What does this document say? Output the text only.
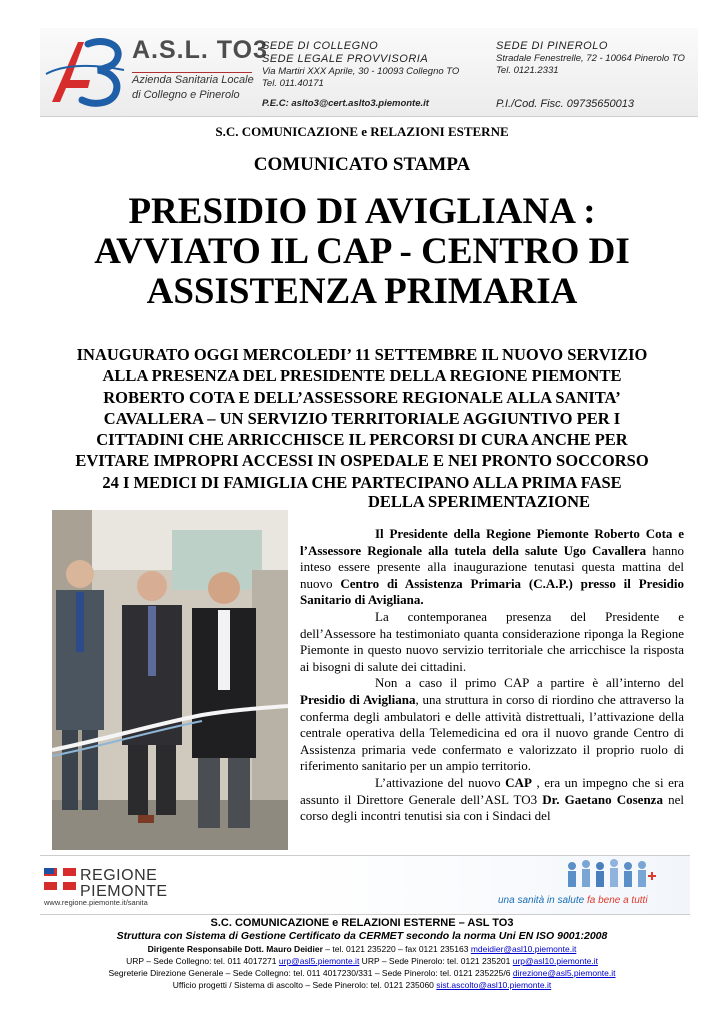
A.S.L. TO3
Azienda Sanitaria Locale
di Collegno e Pinerolo
SEDE DI COLLEGNO
SEDE LEGALE PROVVISORIA
Via Martiri XXX Aprile, 30 - 10093 Collegno TO
Tel. 011.40171
SEDE DI PINEROLO
Stradale Fenestrelle, 72 - 10064 Pinerolo TO
Tel. 0121.2331
P.E.C: aslto3@cert.aslto3.piemonte.it	P.I./Cod. Fisc. 09735650013
S.C. COMUNICAZIONE e RELAZIONI ESTERNE
COMUNICATO STAMPA
PRESIDIO DI AVIGLIANA :
AVVIATO IL CAP - CENTRO DI
ASSISTENZA PRIMARIA
INAUGURATO OGGI MERCOLEDI’ 11 SETTEMBRE IL NUOVO SERVIZIO
ALLA PRESENZA DEL PRESIDENTE DELLA REGIONE PIEMONTE
ROBERTO COTA E DELL’ASSESSORE REGIONALE ALLA SANITA’
CAVALLERA – UN SERVIZIO TERRITORIALE AGGIUNTIVO PER I
CITTADINI CHE ARRICCHISCE IL PERCORSI DI CURA ANCHE PER
EVITARE IMPROPRI ACCESSI IN OSPEDALE E NEI PRONTO SOCCORSO
24 I MEDICI DI FAMIGLIA CHE PARTECIPANO ALLA PRIMA FASE
DELLA SPERIMENTAZIONE

Il Presidente della Regione Piemonte Roberto Cota e l’Assessore Regionale alla tutela della salute Ugo Cavallera hanno inteso essere presente alla inaugurazione tenutasi questa mattina del nuovo Centro di Assistenza Primaria (C.A.P.) presso il Presidio Sanitario di Avigliana.

La contemporanea presenza del Presidente e dell’Assessore ha testimoniato quanta considerazione riponga la Regione Piemonte in questo nuovo servizio territoriale che arricchisce la risposta ai bisogni di salute dei cittadini.

Non a caso il primo CAP a partire è all’interno del Presidio di Avigliana, una struttura in corso di riordino che attraverso la conferma degli ambulatori e delle attività distrettuali, l’attivazione della centrale operativa della Telemedicina ed ora il nuovo grande Centro di Assistenza primaria vede confermato e valorizzato il proprio ruolo di riferimento sanitario per un ampio territorio.

L’attivazione del nuovo CAP , era un impegno che si era assunto il Direttore Generale dell’ASL TO3 Dr. Gaetano Cosenza nel corso degli incontri tenutisi sia con i Sindaci del

REGIONE
PIEMONTE
www.regione.piemonte.it/sanita	una sanità in salute fa bene a tutti
S.C. COMUNICAZIONE e RELAZIONI ESTERNE – ASL TO3
Struttura con Sistema di Gestione Certificato da CERMET secondo la norma Uni EN ISO 9001:2008
Dirigente Responsabile Dott. Mauro Deidier – tel. 0121 235220 – fax 0121 235163 mdeidier@asl10.piemonte.it
URP – Sede Collegno: tel. 011 4017271 urp@asl5.piemonte.it URP – Sede Pinerolo: tel. 0121 235201 urp@asl10.piemonte.it
Segreterie Direzione Generale – Sede Collegno: tel. 011 4017230/331 – Sede Pinerolo: tel. 0121 235225/6 direzione@asl5.piemonte.it
Ufficio progetti / Sistema di ascolto – Sede Pinerolo: tel. 0121 235060 sist.ascolto@asl10.piemonte.it
